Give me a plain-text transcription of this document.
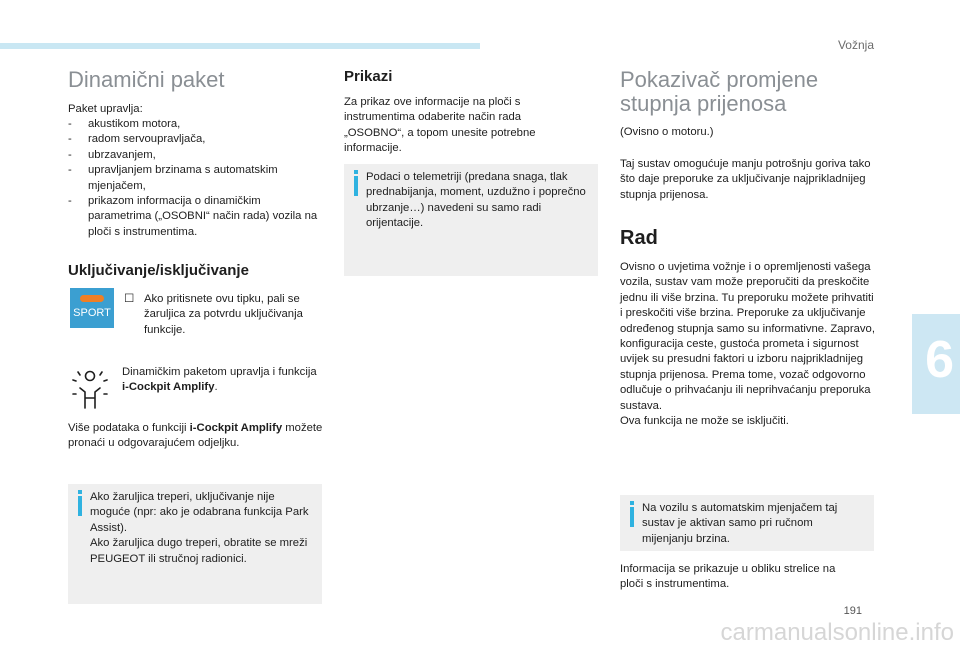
Vožnja
6
191
carmanualsonline.info
Dinamični paket

Paket upravlja:

- akustikom motora,
- radom servoupravljača,
- ubrzavanjem,
- upravljanjem brzinama s automatskim mjenjačem,
- prikazom informacija o dinamičkim parametrima („OSOBNI“ način rada) vozila na ploči s instrumentima.
Uključivanje/isključivanje
SPORT
☐ Ako pritisnete ovu tipku, pali se žaruljica za potvrdu uključivanja funkcije.

Dinamičkim paketom upravlja i funkcija
i-Cockpit Amplify.

Više podataka o funkciji i-Cockpit Amplify možete pronaći u odgovarajućem odjeljku.

Ako žaruljica treperi, uključivanje nije moguće (npr: ako je odabrana funkcija Park Assist).
Ako žaruljica dugo treperi, obratite se mreži PEUGEOT ili stručnoj radionici.
Prikazi

Za prikaz ove informacije na ploči s instrumentima odaberite način rada „OSOBNO“, a topom unesite potrebne informacije.

Podaci o telemetriji (predana snaga, tlak prednabijanja, moment, uzdužno i poprečno ubrzanje…) navedeni su samo radi orijentacije.
Pokazivač promjene stupnja prijenosa

(Ovisno o motoru.)

Taj sustav omogućuje manju potrošnju goriva tako što daje preporuke za uključivanje najprikladnijeg stupnja prijenosa.

Rad

Ovisno o uvjetima vožnje i o opremljenosti vašega vozila, sustav vam može preporučiti da preskočite jednu ili više brzina. Tu preporuku možete prihvatiti i preskočiti više brzina. Preporuke za uključivanje određenog stupnja samo su informativne. Zapravo, konfiguracija ceste, gustoća prometa i sigurnost uvijek su presudni faktori u izboru najprikladnijeg stupnja prijenosa. Prema tome, vozač odgovorno odlučuje o prihvaćanju ili neprihvaćanju preporuka sustava.
Ova funkcija ne može se isključiti.

Na vozilu s automatskim mjenjačem taj sustav je aktivan samo pri ručnom mijenjanju brzina.

Informacija se prikazuje u obliku strelice na ploči s instrumentima.
